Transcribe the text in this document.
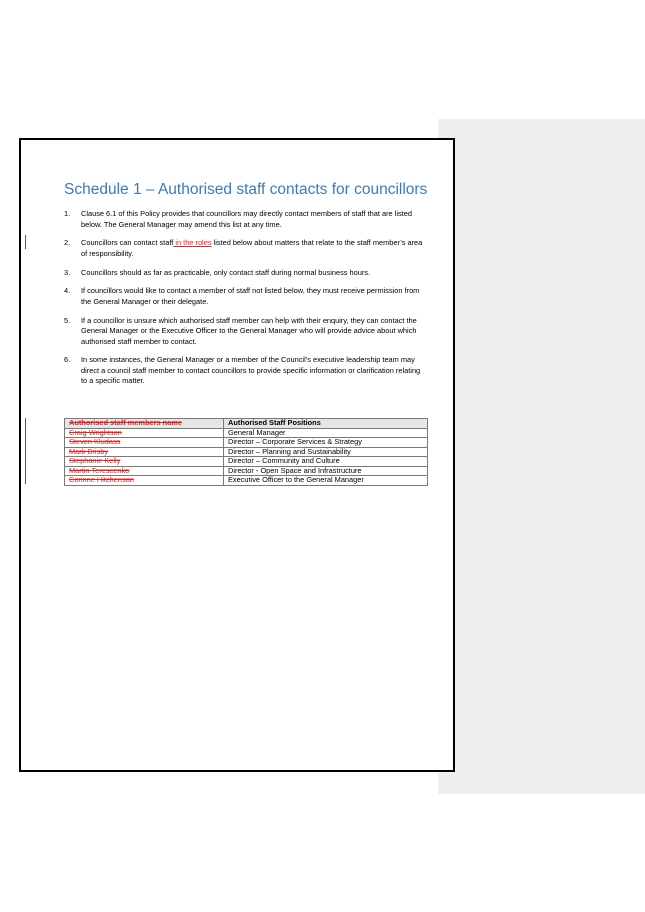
Schedule 1 – Authorised staff contacts for councillors
1.	Clause 6.1 of this Policy provides that councillors may directly contact members of staff that are listed below. The General Manager may amend this list at any time.
2.	Councillors can contact staff in the roles listed below about matters that relate to the staff member’s area of responsibility.
3.	Councillors should as far as practicable, only contact staff during normal business hours.
4.	If councillors would like to contact a member of staff not listed below, they must receive permission from the General Manager or their delegate.
5.	If a councillor is unsure which authorised staff member can help with their enquiry, they can contact the General Manager or the Executive Officer to the General Manager who will provide advice about which authorised staff member to contact.
6.	In some instances, the General Manager or a member of the Council’s executive leadership team may direct a council staff member to contact councillors to provide specific information or clarification relating to a specific matter.
Authorised staff members name	Authorised Staff Positions
Craig Wrightson	General Manager
Steven Kludass	Director – Corporate Services & Strategy
Mark Brisby	Director – Planning and Sustainability
Stephanie Kelly	Director – Community and Culture
Martin Terescenko	Director - Open Space and Infrastructure
Corinne Hitchenson	Executive Officer to the General Manager
